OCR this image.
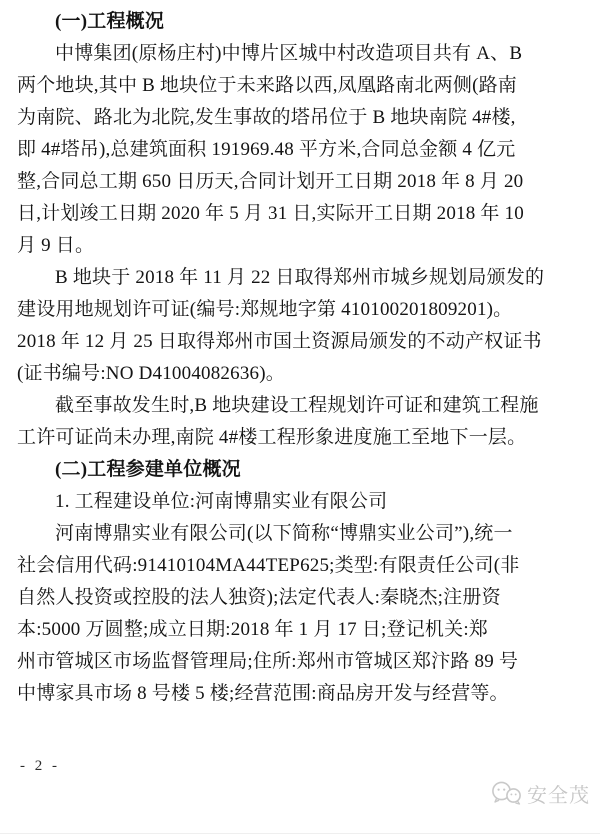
(一)工程概况
中博集团(原杨庄村)中博片区城中村改造项目共有 A、B
两个地块,其中 B 地块位于未来路以西,凤凰路南北两侧(路南
为南院、路北为北院,发生事故的塔吊位于 B 地块南院 4#楼,
即 4#塔吊),总建筑面积 191969.48 平方米,合同总金额 4 亿元
整,合同总工期 650 日历天,合同计划开工日期 2018 年 8 月 20
日,计划竣工日期 2020 年 5 月 31 日,实际开工日期 2018 年 10
月 9 日。
B 地块于 2018 年 11 月 22 日取得郑州市城乡规划局颁发的
建设用地规划许可证(编号:郑规地字第 410100201809201)。
2018 年 12 月 25 日取得郑州市国土资源局颁发的不动产权证书
(证书编号:NO D41004082636)。
截至事故发生时,B 地块建设工程规划许可证和建筑工程施
工许可证尚未办理,南院 4#楼工程形象进度施工至地下一层。
(二)工程参建单位概况
1. 工程建设单位:河南博鼎实业有限公司
河南博鼎实业有限公司(以下简称“博鼎实业公司”),统一
社会信用代码:91410104MA44TEP625;类型:有限责任公司(非
自然人投资或控股的法人独资);法定代表人:秦晓杰;注册资
本:5000 万圆整;成立日期:2018 年 1 月 17 日;登记机关:郑
州市管城区市场监督管理局;住所:郑州市管城区郑汴路 89 号
中博家具市场 8 号楼 5 楼;经营范围:商品房开发与经营等。
- 2 -
安全茂
